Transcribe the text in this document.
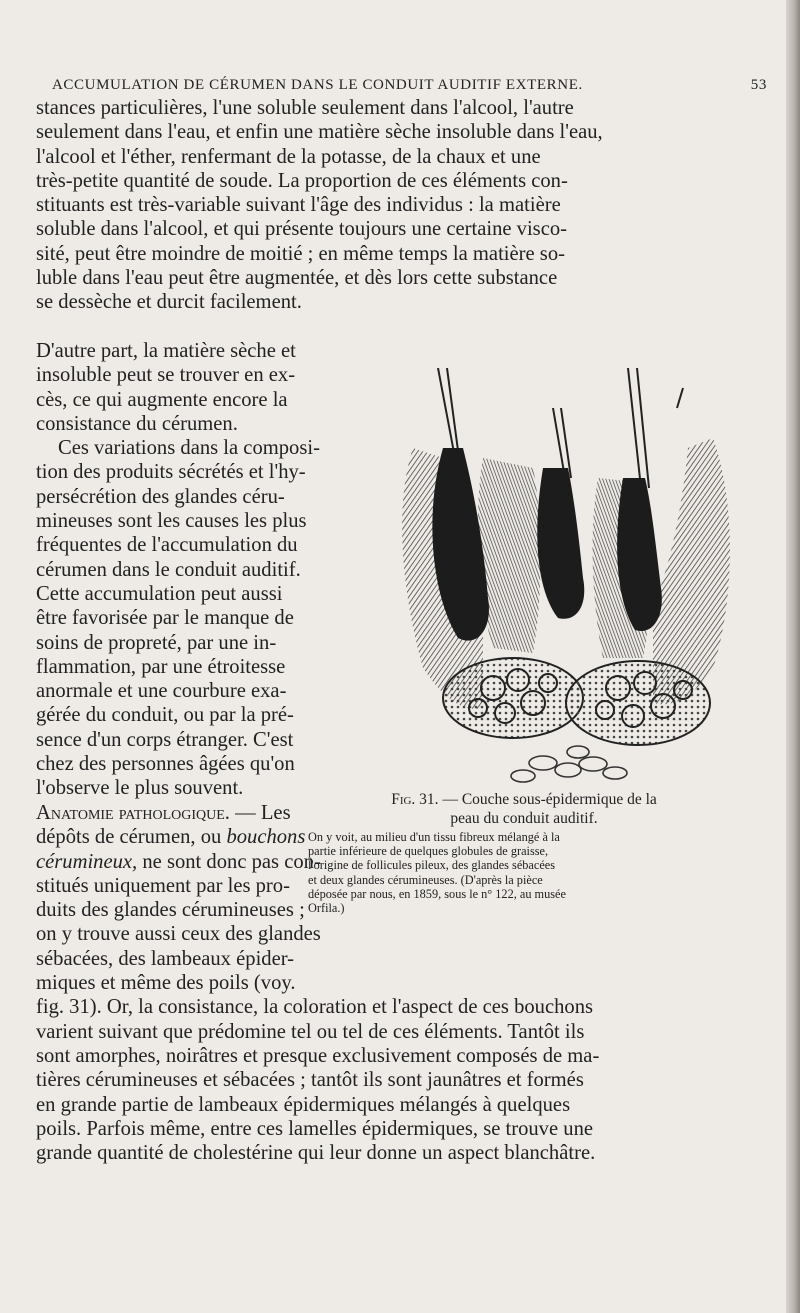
ACCUMULATION DE CÉRUMEN DANS LE CONDUIT AUDITIF EXTERNE.	53
stances particulières, l'une soluble seulement dans l'alcool, l'autre
seulement dans l'eau, et enfin une matière sèche insoluble dans l'eau,
l'alcool et l'éther, renfermant de la potasse, de la chaux et une
très-petite quantité de soude. La proportion de ces éléments con-
stituants est très-variable suivant l'âge des individus : la matière
soluble dans l'alcool, et qui présente toujours une certaine visco-
sité, peut être moindre de moitié ; en même temps la matière so-
luble dans l'eau peut être augmentée, et dès lors cette substance
se dessèche et durcit facilement.
D'autre part, la matière sèche et
insoluble peut se trouver en ex-
cès, ce qui augmente encore la
consistance du cérumen.
Ces variations dans la composi-
tion des produits sécrétés et l'hy-
persécrétion des glandes céru-
mineuses sont les causes les plus
fréquentes de l'accumulation du
cérumen dans le conduit auditif.
Cette accumulation peut aussi
être favorisée par le manque de
soins de propreté, par une in-
flammation, par une étroitesse
anormale et une courbure exa-
gérée du conduit, ou par la pré-
sence d'un corps étranger. C'est
chez des personnes âgées qu'on
l'observe le plus souvent.
Anatomie pathologique. — Les
dépôts de cérumen, ou bouchons
cérumineux, ne sont donc pas con-
stitués uniquement par les pro-
duits des glandes cérumineuses ;
on y trouve aussi ceux des glandes
sébacées, des lambeaux épider-
miques et même des poils (voy.
fig. 31). Or, la consistance, la coloration et l'aspect de ces bouchons
varient suivant que prédomine tel ou tel de ces éléments. Tantôt ils
sont amorphes, noirâtres et presque exclusivement composés de ma-
tières cérumineuses et sébacées ; tantôt ils sont jaunâtres et formés
en grande partie de lambeaux épidermiques mélangés à quelques
poils. Parfois même, entre ces lamelles épidermiques, se trouve une
grande quantité de cholestérine qui leur donne un aspect blanchâtre.
Fig. 31. — Couche sous-épidermique de la
peau du conduit auditif.
On y voit, au milieu d'un tissu fibreux mélangé à la
partie inférieure de quelques globules de graisse,
l'origine de follicules pileux, des glandes sébacées
et deux glandes cérumineuses. (D'après la pièce
déposée par nous, en 1859, sous le n° 122, au musée
Orfila.)
